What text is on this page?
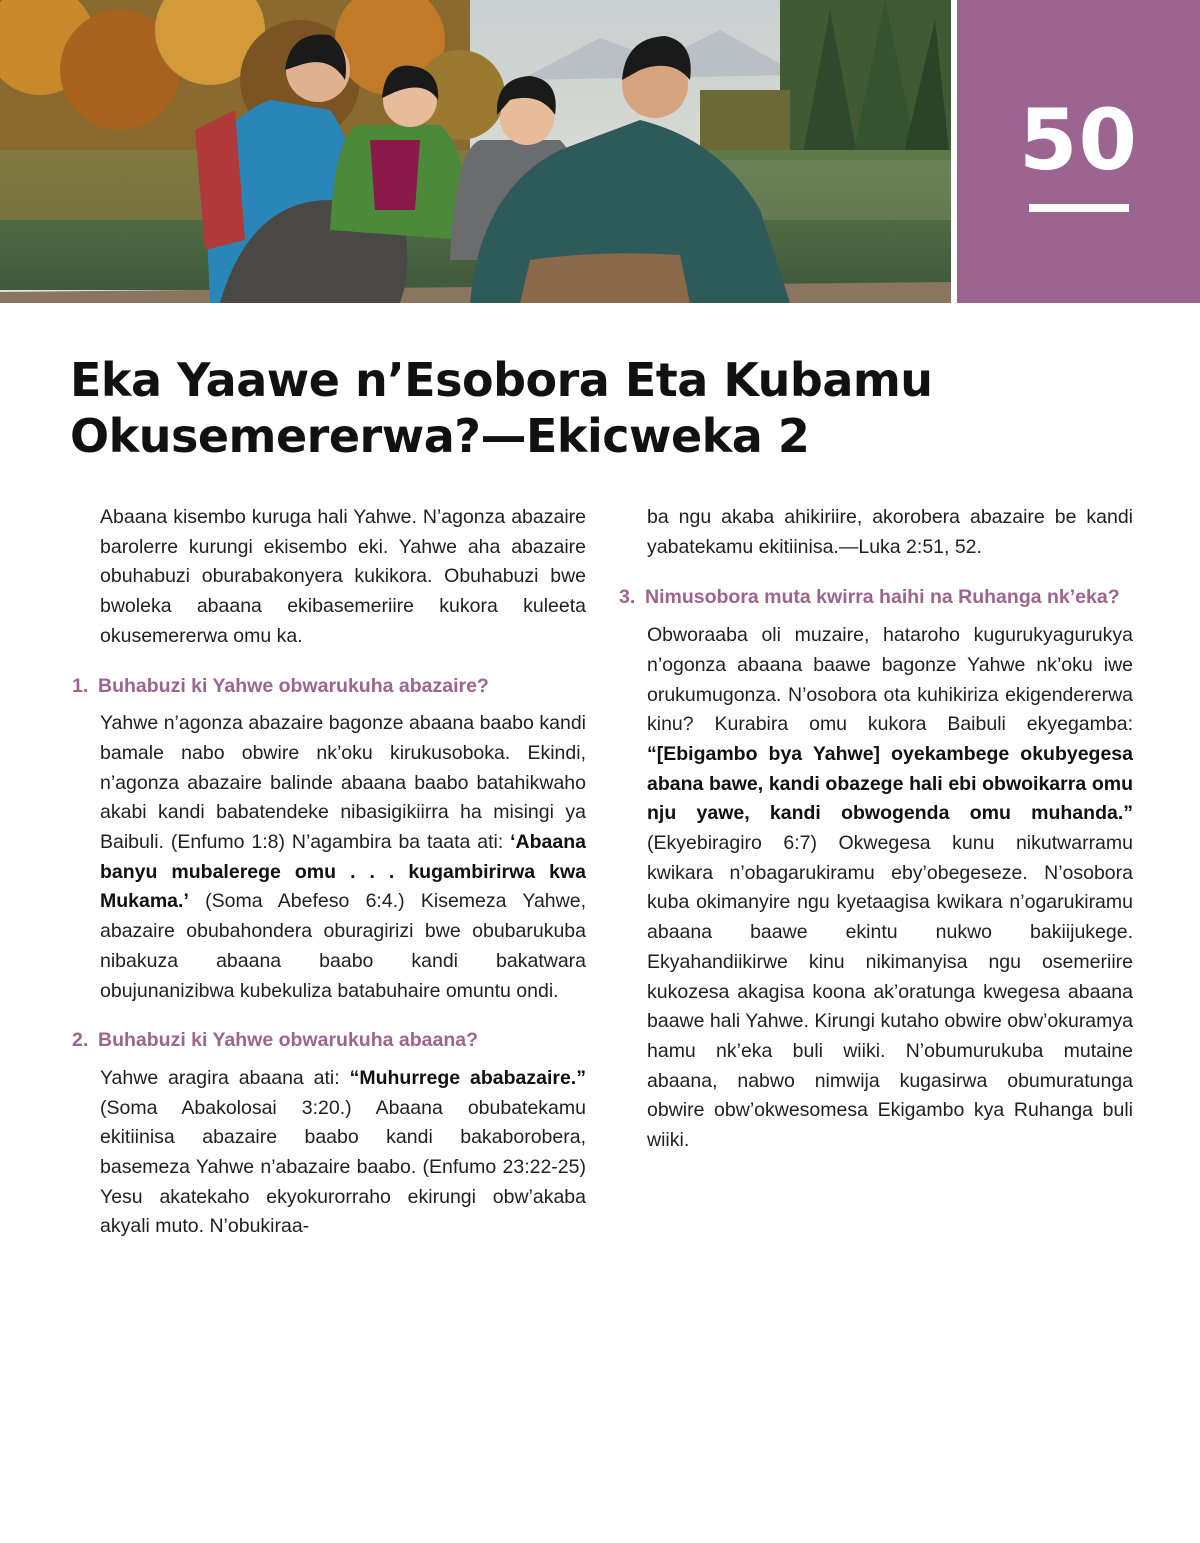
50
Eka Yaawe n’Esobora Eta Kubamu
Okusemererwa?—Ekicweka 2

Abaana kisembo kuruga hali Yahwe. N’agonza abazaire barolerre kurungi ekisembo eki. Yahwe aha abazaire obuhabuzi oburabakonyera kukikora. Obuhabuzi bwe bwoleka abaana ekibasemeriire kukora kuleeta okusemererwa omu ka.

1. Buhabuzi ki Yahwe obwarukuha abazaire?

Yahwe n’agonza abazaire bagonze abaana baabo kandi bamale nabo obwire nk’oku kirukusoboka. Ekindi, n’agonza abazaire balinde abaana baabo batahikwaho akabi kandi babatendeke nibasigikiirra ha misingi ya Baibuli. (Enfumo 1:8) N’agambira ba taata ati: ‘Abaana banyu mubalerege omu . . . kugambirirwa kwa Mukama.’ (Soma Abefeso 6:4.) Kisemeza Yahwe, abazaire obubahondera oburagirizi bwe obubarukuba nibakuza abaana baabo kandi bakatwara obujunanizibwa kubekuliza batabuhaire omuntu ondi.

2. Buhabuzi ki Yahwe obwarukuha abaana?

Yahwe aragira abaana ati: “Muhurrege ababazaire.” (Soma Abakolosai 3:20.) Abaana obubatekamu ekitiinisa abazaire baabo kandi bakaborobera, basemeza Yahwe n’abazaire baabo. (Enfumo 23:22-25) Yesu akatekaho ekyokurorraho ekirungi obw’akaba akyali muto. N’obukiraa-

ba ngu akaba ahikiriire, akorobera abazaire be kandi yabatekamu ekitiinisa.—Luka 2:51, 52.

3. Nimusobora muta kwirra haihi na Ruhanga nk’eka?

Obworaaba oli muzaire, hataroho kugurukyagurukya n’ogonza abaana baawe bagonze Yahwe nk’oku iwe orukumugonza. N’osobora ota kuhikiriza ekigendererwa kinu? Kurabira omu kukora Baibuli ekyegamba: “[Ebigambo bya Yahwe] oyekambege okubyegesa abana bawe, kandi obazege hali ebi obwoikarra omu nju yawe, kandi obwogenda omu muhanda.” (Ekyebiragiro 6:7) Okwegesa kunu nikutwarramu kwikara n’obagarukiramu eby’obegeseze. N’osobora kuba okimanyire ngu kyetaagisa kwikara n’ogarukiramu abaana baawe ekintu nukwo bakiijukege. Ekyahandiikirwe kinu nikimanyisa ngu osemeriire kukozesa akagisa koona ak’oratunga kwegesa abaana baawe hali Yahwe. Kirungi kutaho obwire obw’okuramya hamu nk’eka buli wiiki. N’obumurukuba mutaine abaana, nabwo nimwija kugasirwa obumuratunga obwire obw’okwesomesa Ekigambo kya Ruhanga buli wiiki.
